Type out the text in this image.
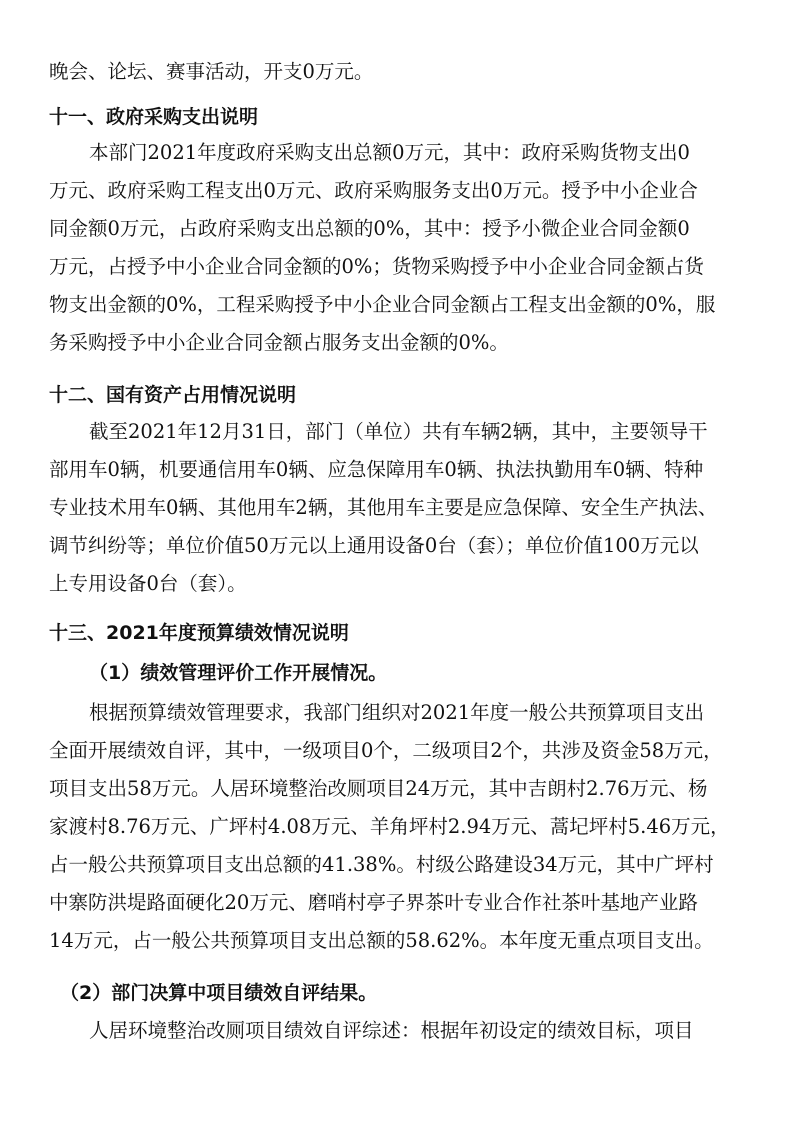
晚会、论坛、赛事活动，开支0万元。
十一、政府采购支出说明
本部门2021年度政府采购支出总额0万元，其中：政府采购货物支出0
万元、政府采购工程支出0万元、政府采购服务支出0万元。授予中小企业合
同金额0万元，占政府采购支出总额的0%，其中：授予小微企业合同金额0
万元，占授予中小企业合同金额的0%；货物采购授予中小企业合同金额占货
物支出金额的0%，工程采购授予中小企业合同金额占工程支出金额的0%，服
务采购授予中小企业合同金额占服务支出金额的0%。
十二、国有资产占用情况说明
截至2021年12月31日，部门（单位）共有车辆2辆，其中，主要领导干
部用车0辆，机要通信用车0辆、应急保障用车0辆、执法执勤用车0辆、特种
专业技术用车0辆、其他用车2辆，其他用车主要是应急保障、安全生产执法、
调节纠纷等；单位价值50万元以上通用设备0台（套）；单位价值100万元以
上专用设备0台（套）。
十三、2021年度预算绩效情况说明
（1）绩效管理评价工作开展情况。
根据预算绩效管理要求，我部门组织对2021年度一般公共预算项目支出
全面开展绩效自评，其中，一级项目0个，二级项目2个，共涉及资金58万元，
项目支出58万元。人居环境整治改厕项目24万元，其中吉朗村2.76万元、杨
家渡村8.76万元、广坪村4.08万元、羊角坪村2.94万元、蒿圮坪村5.46万元，
占一般公共预算项目支出总额的41.38%。村级公路建设34万元，其中广坪村
中寨防洪堤路面硬化20万元、磨哨村亭子界茶叶专业合作社茶叶基地产业路
14万元，占一般公共预算项目支出总额的58.62%。本年度无重点项目支出。
（2）部门决算中项目绩效自评结果。
人居环境整治改厕项目绩效自评综述：根据年初设定的绩效目标，项目
